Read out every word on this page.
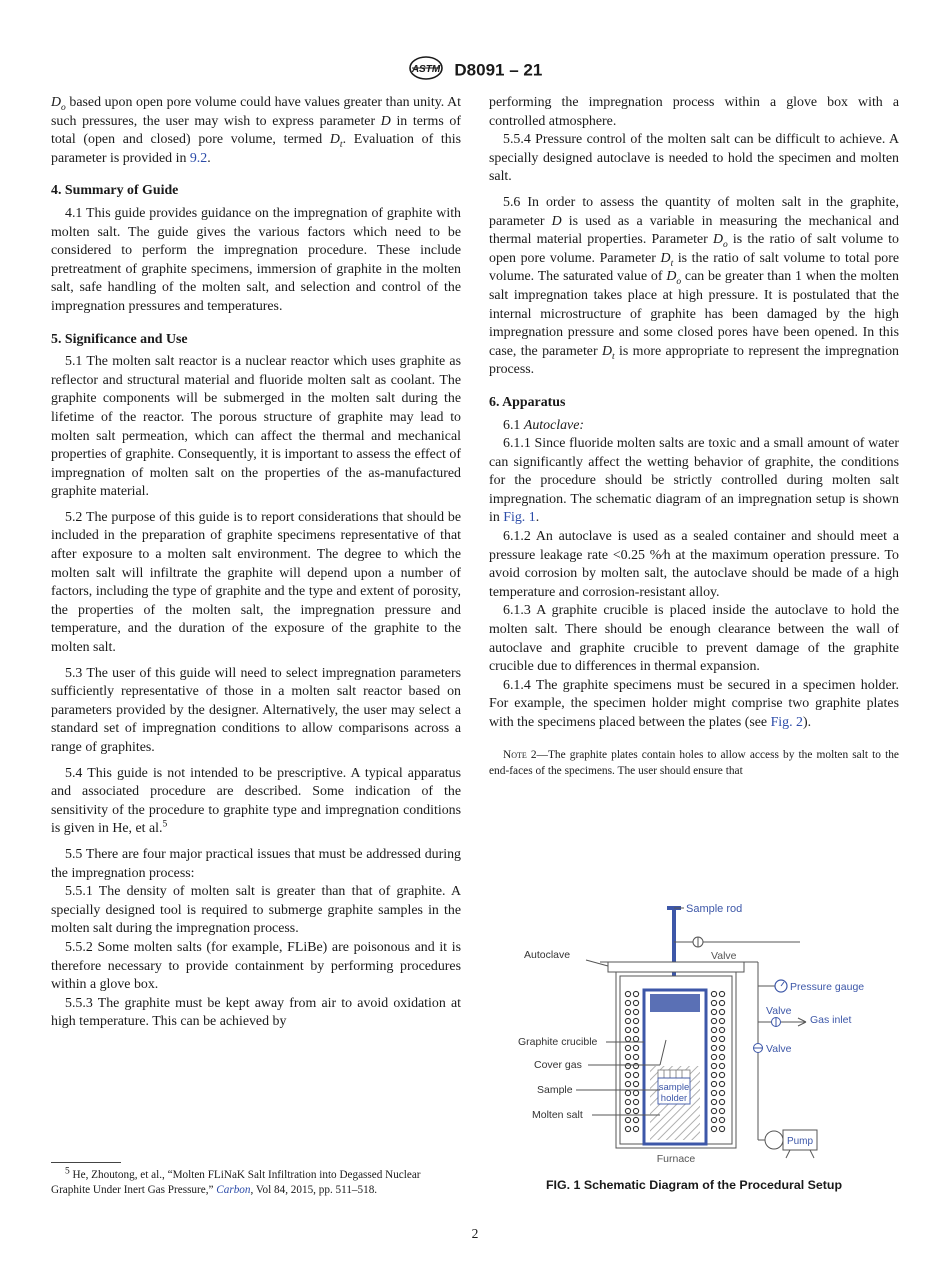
ASTM D8091 – 21

$D_o$ based upon open pore volume could have values greater than unity. At such pressures, the user may wish to express parameter D in terms of total (open and closed) pore volume, termed $D_t$. Evaluation of this parameter is provided in 9.2.

4. Summary of Guide

4.1 This guide provides guidance on the impregnation of graphite with molten salt. The guide gives the various factors which need to be considered to perform the impregnation procedure. These include pretreatment of graphite specimens, immersion of graphite in the molten salt, safe handling of the molten salt, and selection and control of the impregnation pressures and temperatures.

5. Significance and Use

5.1 The molten salt reactor is a nuclear reactor which uses graphite as reflector and structural material and fluoride molten salt as coolant. The graphite components will be submerged in the molten salt during the lifetime of the reactor. The porous structure of graphite may lead to molten salt permeation, which can affect the thermal and mechanical properties of graphite. Consequently, it is important to assess the effect of impregnation of molten salt on the properties of the as-manufactured graphite material.

5.2 The purpose of this guide is to report considerations that should be included in the preparation of graphite specimens representative of that after exposure to a molten salt environment. The degree to which the molten salt will infiltrate the graphite will depend upon a number of factors, including the type of graphite and the type and extent of porosity, the properties of the molten salt, the impregnation pressure and temperature, and the duration of the exposure of the graphite to the molten salt.

5.3 The user of this guide will need to select impregnation parameters sufficiently representative of those in a molten salt reactor based on parameters provided by the designer. Alternatively, the user may select a standard set of impregnation conditions to allow comparisons across a range of graphites.

5.4 This guide is not intended to be prescriptive. A typical apparatus and associated procedure are described. Some indication of the sensitivity of the procedure to graphite type and impregnation conditions is given in He, et al.$^5$

5.5 There are four major practical issues that must be addressed during the impregnation process:

5.5.1 The density of molten salt is greater than that of graphite. A specially designed tool is required to submerge graphite samples in the molten salt during the impregnation process.

5.5.2 Some molten salts (for example, FLiBe) are poisonous and it is therefore necessary to provide containment by performing procedures within a glove box.

5.5.3 The graphite must be kept away from air to avoid oxidation at high temperature. This can be achieved by

performing the impregnation process within a glove box with a controlled atmosphere.

5.5.4 Pressure control of the molten salt can be difficult to achieve. A specially designed autoclave is needed to hold the specimen and molten salt.

5.6 In order to assess the quantity of molten salt in the graphite, parameter D is used as a variable in measuring the mechanical and thermal material properties. Parameter $D_o$ is the ratio of salt volume to open pore volume. Parameter $D_t$ is the ratio of salt volume to total pore volume. The saturated value of $D_o$ can be greater than 1 when the molten salt impregnation takes place at high pressure. It is postulated that the internal microstructure of graphite has been damaged by the high impregnation pressure and some closed pores have been opened. In this case, the parameter $D_t$ is more appropriate to represent the impregnation process.

6. Apparatus

6.1 Autoclave:

6.1.1 Since fluoride molten salts are toxic and a small amount of water can significantly affect the wetting behavior of graphite, the conditions for the procedure should be strictly controlled during molten salt impregnation. The schematic diagram of an impregnation setup is shown in Fig. 1.

6.1.2 An autoclave is used as a sealed container and should meet a pressure leakage rate <0.25 %⁄h at the maximum operation pressure. To avoid corrosion by molten salt, the autoclave should be made of a high temperature and corrosion-resistant alloy.

6.1.3 A graphite crucible is placed inside the autoclave to hold the molten salt. There should be enough clearance between the wall of autoclave and graphite crucible to prevent damage of the graphite crucible due to differences in thermal expansion.

6.1.4 The graphite specimens must be secured in a specimen holder. For example, the specimen holder might comprise two graphite plates with the specimens placed between the plates (see Fig. 2).

Note 2—The graphite plates contain holes to allow access by the molten salt to the end-faces of the specimens. The user should ensure that
Sample rod
Valve
Autoclave
sample
holder
Furnace
Pressure gauge
Valve
Gas inlet
Valve
Pump
Graphite crucible
Cover gas
Sample
Molten salt
FIG. 1 Schematic Diagram of the Procedural Setup
$^5$ He, Zhoutong, et al., “Molten FLiNaK Salt Infiltration into Degassed Nuclear Graphite Under Inert Gas Pressure,” Carbon, Vol 84, 2015, pp. 511–518.
2
